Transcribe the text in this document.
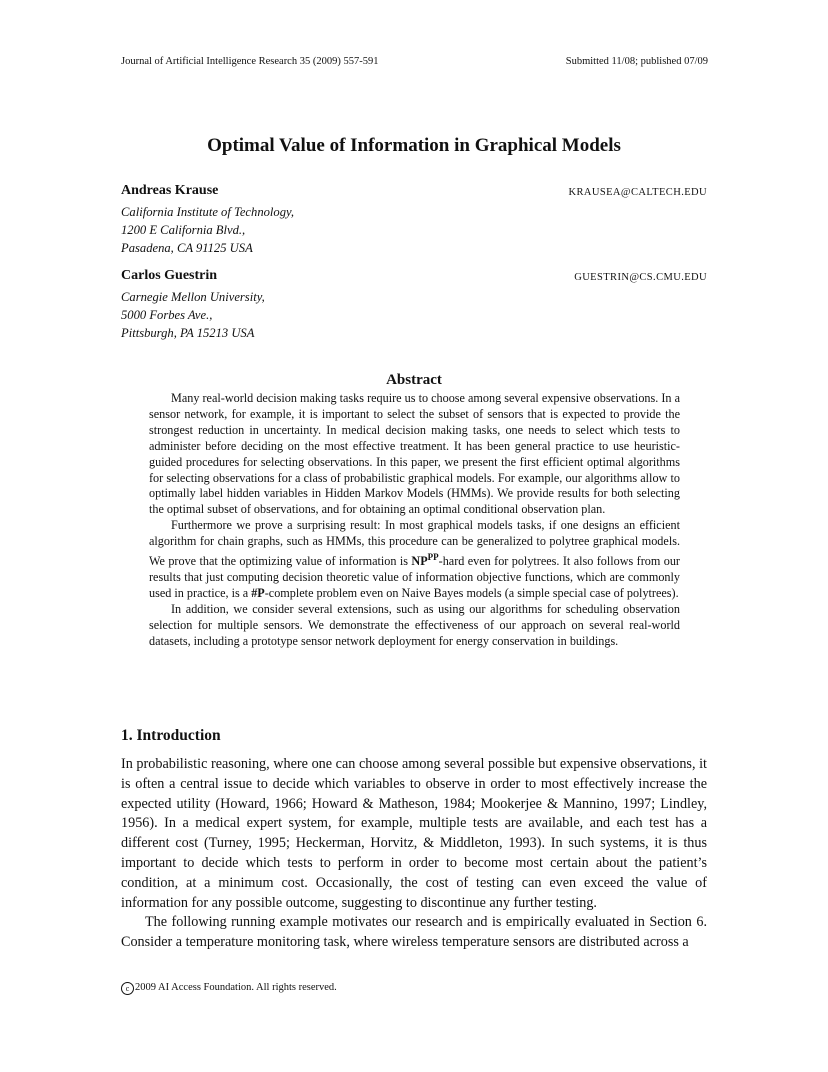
Journal of Artificial Intelligence Research 35 (2009) 557-591	Submitted 11/08; published 07/09
Optimal Value of Information in Graphical Models
Andreas Krause	KRAUSEA@CALTECH.EDU
California Institute of Technology,
1200 E California Blvd.,
Pasadena, CA 91125 USA
Carlos Guestrin	GUESTRIN@CS.CMU.EDU
Carnegie Mellon University,
5000 Forbes Ave.,
Pittsburgh, PA 15213 USA
Abstract

Many real-world decision making tasks require us to choose among several expensive observations. In a sensor network, for example, it is important to select the subset of sensors that is expected to provide the strongest reduction in uncertainty. In medical decision making tasks, one needs to select which tests to administer before deciding on the most effective treatment. It has been general practice to use heuristic-guided procedures for selecting observations. In this paper, we present the first efficient optimal algorithms for selecting observations for a class of probabilistic graphical models. For example, our algorithms allow to optimally label hidden variables in Hidden Markov Models (HMMs). We provide results for both selecting the optimal subset of observations, and for obtaining an optimal conditional observation plan.

Furthermore we prove a surprising result: In most graphical models tasks, if one designs an efficient algorithm for chain graphs, such as HMMs, this procedure can be generalized to polytree graphical models. We prove that the optimizing value of information is $NP^{PP}$-hard even for polytrees. It also follows from our results that just computing decision theoretic value of information objective functions, which are commonly used in practice, is a #P-complete problem even on Naive Bayes models (a simple special case of polytrees).

In addition, we consider several extensions, such as using our algorithms for scheduling observation selection for multiple sensors. We demonstrate the effectiveness of our approach on several real-world datasets, including a prototype sensor network deployment for energy conservation in buildings.

1. Introduction

In probabilistic reasoning, where one can choose among several possible but expensive observations, it is often a central issue to decide which variables to observe in order to most effectively increase the expected utility (Howard, 1966; Howard & Matheson, 1984; Mookerjee & Mannino, 1997; Lindley, 1956). In a medical expert system, for example, multiple tests are available, and each test has a different cost (Turney, 1995; Heckerman, Horvitz, & Middleton, 1993). In such systems, it is thus important to decide which tests to perform in order to become most certain about the patient’s condition, at a minimum cost. Occasionally, the cost of testing can even exceed the value of information for any possible outcome, suggesting to discontinue any further testing.

The following running example motivates our research and is empirically evaluated in Section 6. Consider a temperature monitoring task, where wireless temperature sensors are distributed across a

c 2009 AI Access Foundation. All rights reserved.
